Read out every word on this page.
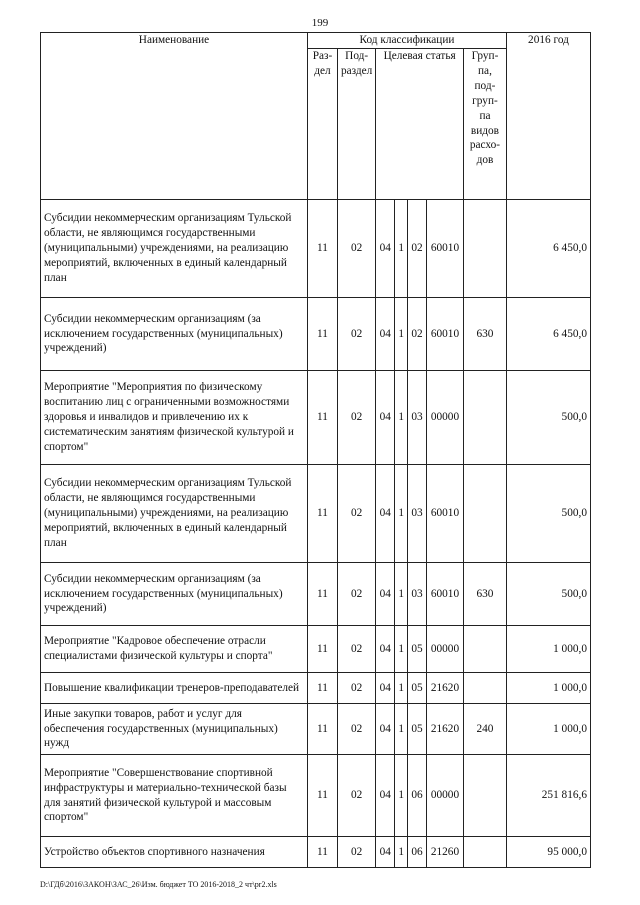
199
Наименование	Код классификации							2016 год
	Раз-дел	Под-раздел	Целевая статья				Груп-па, под-груп-па видов расхо-дов	
Субсидии некоммерческим организациям Тульской области, не являющимся государственными (муниципальными) учреждениями, на реализацию мероприятий, включенных в единый календарный план	11	02	04	1	02	60010		6 450,0
Субсидии некоммерческим организациям (за исключением государственных (муниципальных) учреждений)	11	02	04	1	02	60010	630	6 450,0
Мероприятие "Мероприятия по физическому воспитанию лиц с ограниченными возможностями здоровья и инвалидов и привлечению их к систематическим занятиям физической культурой и спортом"	11	02	04	1	03	00000		500,0
Субсидии некоммерческим организациям Тульской области, не являющимся государственными (муниципальными) учреждениями, на реализацию мероприятий, включенных в единый календарный план	11	02	04	1	03	60010		500,0
Субсидии некоммерческим организациям (за исключением государственных (муниципальных) учреждений)	11	02	04	1	03	60010	630	500,0
Мероприятие "Кадровое обеспечение отрасли специалистами физической культуры и спорта"	11	02	04	1	05	00000		1 000,0
Повышение квалификации тренеров-преподавателей	11	02	04	1	05	21620		1 000,0
Иные закупки товаров, работ и услуг для обеспечения государственных (муниципальных) нужд	11	02	04	1	05	21620	240	1 000,0
Мероприятие "Совершенствование спортивной инфраструктуры и материально-технической базы для занятий физической культурой и массовым спортом"	11	02	04	1	06	00000		251 816,6
Устройство объектов спортивного назначения	11	02	04	1	06	21260		95 000,0
D:\ГДб\2016\ЗАКОН\ЗАС_26\Изм. бюджет ТО 2016-2018_2 чт\pr2.xls
